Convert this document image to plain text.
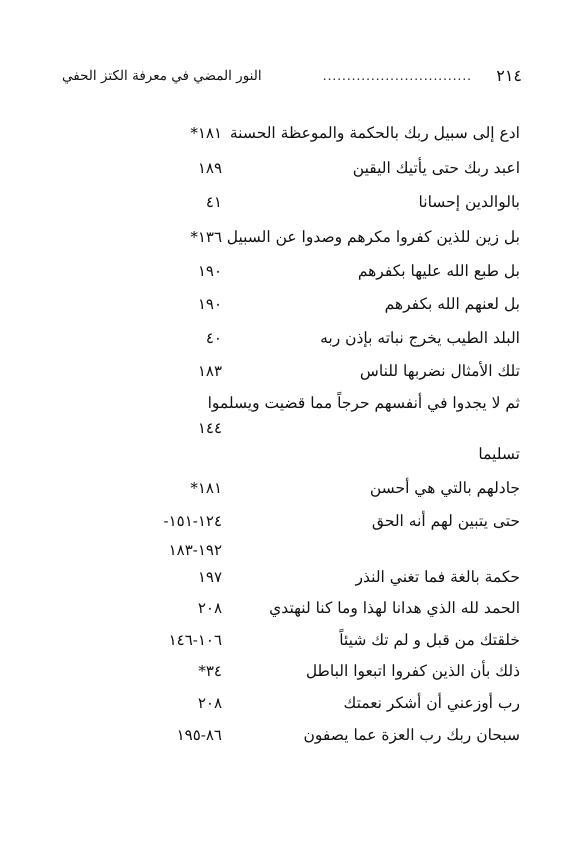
٢١٤
...............................
النور المضي في معرفة الكتز الحفي
ادع إلى سبيل ربك بالحكمة والموعظة الحسنة
١٨١*
اعبد ربك حتى يأتيك اليقين
١٨٩
بالوالدين إحسانا
٤١
بل زين للذين كفروا مكرهم وصدوا عن السبيل
١٣٦*
بل طبع الله عليها بكفرهم
١٩٠
بل لعنهم الله بكفرهم
١٩٠
البلد الطيب يخرج نباته بإذن ربه
٤٠
تلك الأمثال نضربها للناس
١٨٣
ثم لا يجدوا في أنفسهم حرجاً مما قضيت ويسلموا
١٤٤
تسليما
جادلهم بالتي هي أحسن
١٨١*
حتى يتبين لهم أنه الحق
١٢٤-١٥١-
١٩٢-١٨٣
حكمة بالغة فما تغني النذر
١٩٧
الحمد لله الذي هدانا لهذا وما كنا لنهتدي
٢٠٨
خلقتك من قبل و لم تك شيئاً
١٠٦-١٤٦
ذلك بأن الذين كفروا اتبعوا الباطل
٣٤*
رب أوزعني أن أشكر نعمتك
٢٠٨
سبحان ربك رب العزة عما يصفون
٨٦-١٩٥
